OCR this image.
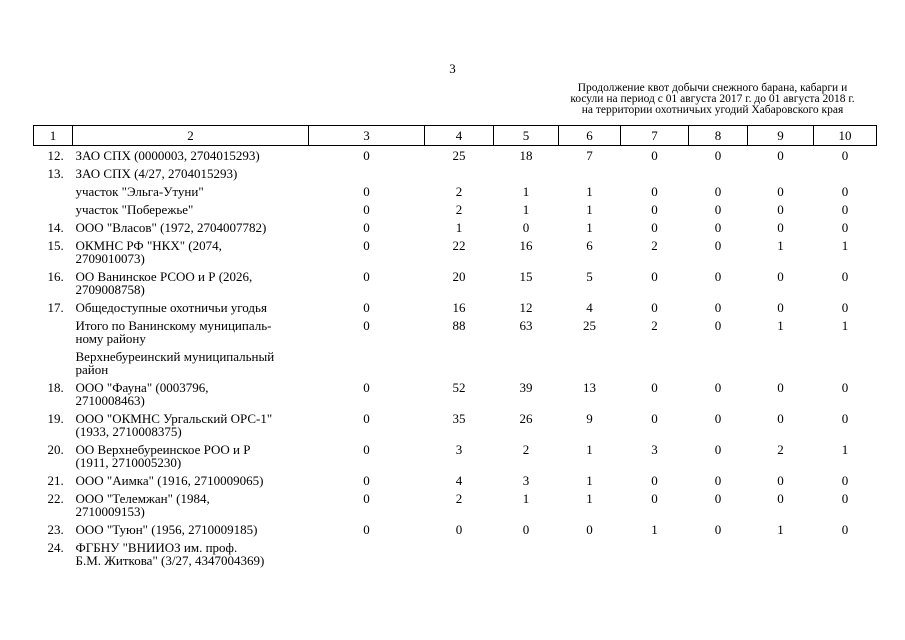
3
Продолжение квот добычи снежного барана, кабарги и
косули на период с 01 августа 2017 г. до 01 августа 2018 г.
на территории охотничьих угодий Хабаровского края
1	2	3	4	5	6	7	8	9	10
12.	ЗАО СПХ (0000003, 2704015293)	0	25	18	7	0	0	0	0
13.	ЗАО СПХ (4/27, 2704015293)								

	участок "Эльга-Утуни"	0	2	1	1	0	0	0	0

	участок "Побережье"	0	2	1	1	0	0	0	0
14.	ООО "Власов" (1972, 2704007782)	0	1	0	1	0	0	0	0
15.	ОКМНС РФ "НКХ" (2074,
2709010073)	0	22	16	6	2	0	1	1
16.	ОО Ванинское РСОО и Р (2026,
2709008758)	0	20	15	5	0	0	0	0
17.	Общедоступные охотничьи угодья	0	16	12	4	0	0	0	0

	Итого по Ванинскому муниципаль-
ному району	0	88	63	25	2	0	1	1

	Верхнебуреинский муниципальный
район								

18.	ООО "Фауна" (0003796,
2710008463)	0	52	39	13	0	0	0	0
19.	ООО "ОКМНС Ургальский ОРС-1"
(1933, 2710008375)	0	35	26	9	0	0	0	0
20.	ОО Верхнебуреинское РОО и Р
(1911, 2710005230)	0	3	2	1	3	0	2	1
21.	ООО "Аимка" (1916, 2710009065)	0	4	3	1	0	0	0	0
22.	ООО "Телемжан" (1984,
2710009153)	0	2	1	1	0	0	0	0
23.	ООО "Туюн" (1956, 2710009185)	0	0	0	0	1	0	1	0
24.	ФГБНУ "ВНИИОЗ им. проф.
Б.М. Житкова" (3/27, 4347004369)								
